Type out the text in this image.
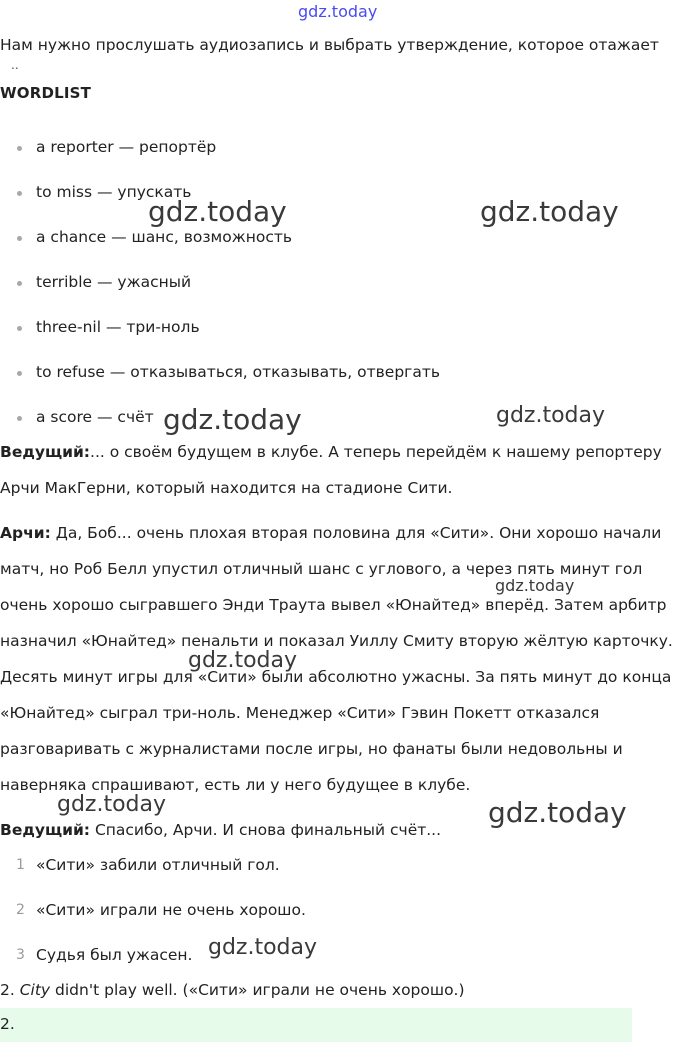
gdz.today
gdz.today	gdz.today
gdz.today	gdz.today
gdz.today
gdz.today
gdz.today	gdz.today
gdz.today
Нам нужно прослушать аудиозапись и выбрать утверждение, которое отажает
..
WORDLIST
a reporter — репортёр
to miss — упускать
a chance — шанс, возможность
terrible — ужасный
three-nil — три-ноль
to refuse — отказываться, отказывать, отвергать
a score — счёт
Ведущий:... о своём будущем в клубе. А теперь перейдём к нашему репортеру Арчи МакГерни, который находится на стадионе Сити.
Арчи: Да, Боб... очень плохая вторая половина для «Сити». Они хорошо начали матч, но Роб Белл упустил отличный шанс с углового, а через пять минут гол очень хорошо сыгравшего Энди Траута вывел «Юнайтед» вперёд. Затем арбитр назначил «Юнайтед» пенальти и показал Уиллу Смиту вторую жёлтую карточку. Десять минут игры для «Сити» были абсолютно ужасны. За пять минут до конца «Юнайтед» сыграл три-ноль. Менеджер «Сити» Гэвин Покетт отказался разговаривать с журналистами после игры, но фанаты были недовольны и наверняка спрашивают, есть ли у него будущее в клубе.
Ведущий: Спасибо, Арчи. И снова финальный счёт...
1 «Сити» забили отличный гол.
2 «Сити» играли не очень хорошо.
3 Судья был ужасен.
2. City didn't play well. («Сити» играли не очень хорошо.)
2.
